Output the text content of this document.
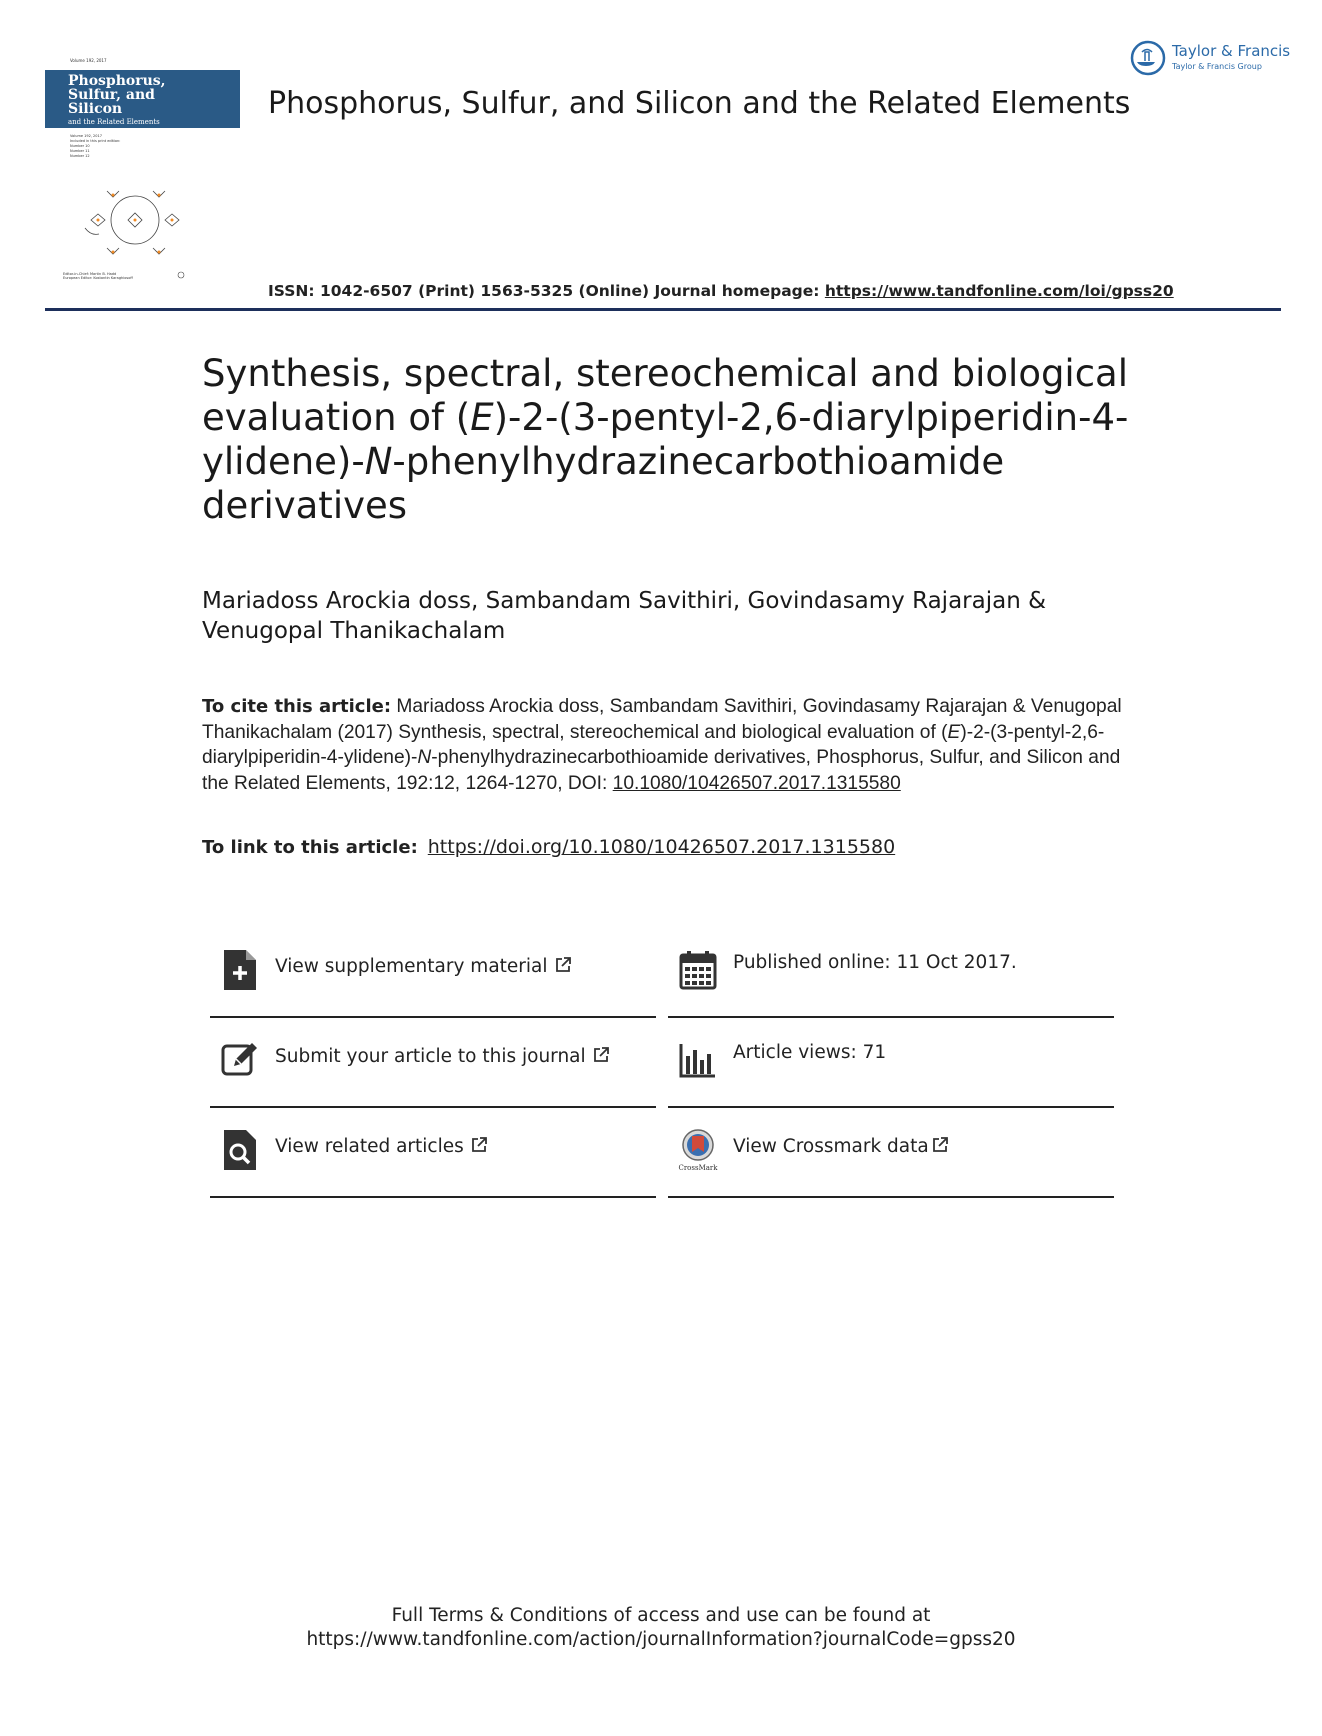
Volume 192, 2017
Phosphorus,
Sulfur, and
Silicon
and the Related Elements
Volume 192, 2017
Included in this print edition:
Number 10
Number 11
Number 12
Editor-in-Chief: Martin B. Hadd
European Editor: Kostantin Karaghiosoff
Phosphorus, Sulfur, and Silicon and the Related Elements
Taylor & Francis
Taylor & Francis Group
ISSN: 1042-6507 (Print) 1563-5325 (Online) Journal homepage: https://www.tandfonline.com/loi/gpss20
Synthesis, spectral, stereochemical and biological evaluation of (E)-2-(3-pentyl-2,6-diarylpiperidin-4-ylidene)-N-phenylhydrazinecarbothioamide derivatives
Mariadoss Arockia doss, Sambandam Savithiri, Govindasamy Rajarajan & Venugopal Thanikachalam
To cite this article: Mariadoss Arockia doss, Sambandam Savithiri, Govindasamy Rajarajan & Venugopal Thanikachalam (2017) Synthesis, spectral, stereochemical and biological evaluation of (E)-2-(3-pentyl-2,6-diarylpiperidin-4-ylidene)-N-phenylhydrazinecarbothioamide derivatives, Phosphorus, Sulfur, and Silicon and the Related Elements, 192:12, 1264-1270, DOI: 10.1080/10426507.2017.1315580
To link to this article: https://doi.org/10.1080/10426507.2017.1315580
View supplementary material
Submit your article to this journal
View related articles
Published online: 11 Oct 2017.
Article views: 71
CrossMark
View Crossmark data
Full Terms & Conditions of access and use can be found at
https://www.tandfonline.com/action/journalInformation?journalCode=gpss20
